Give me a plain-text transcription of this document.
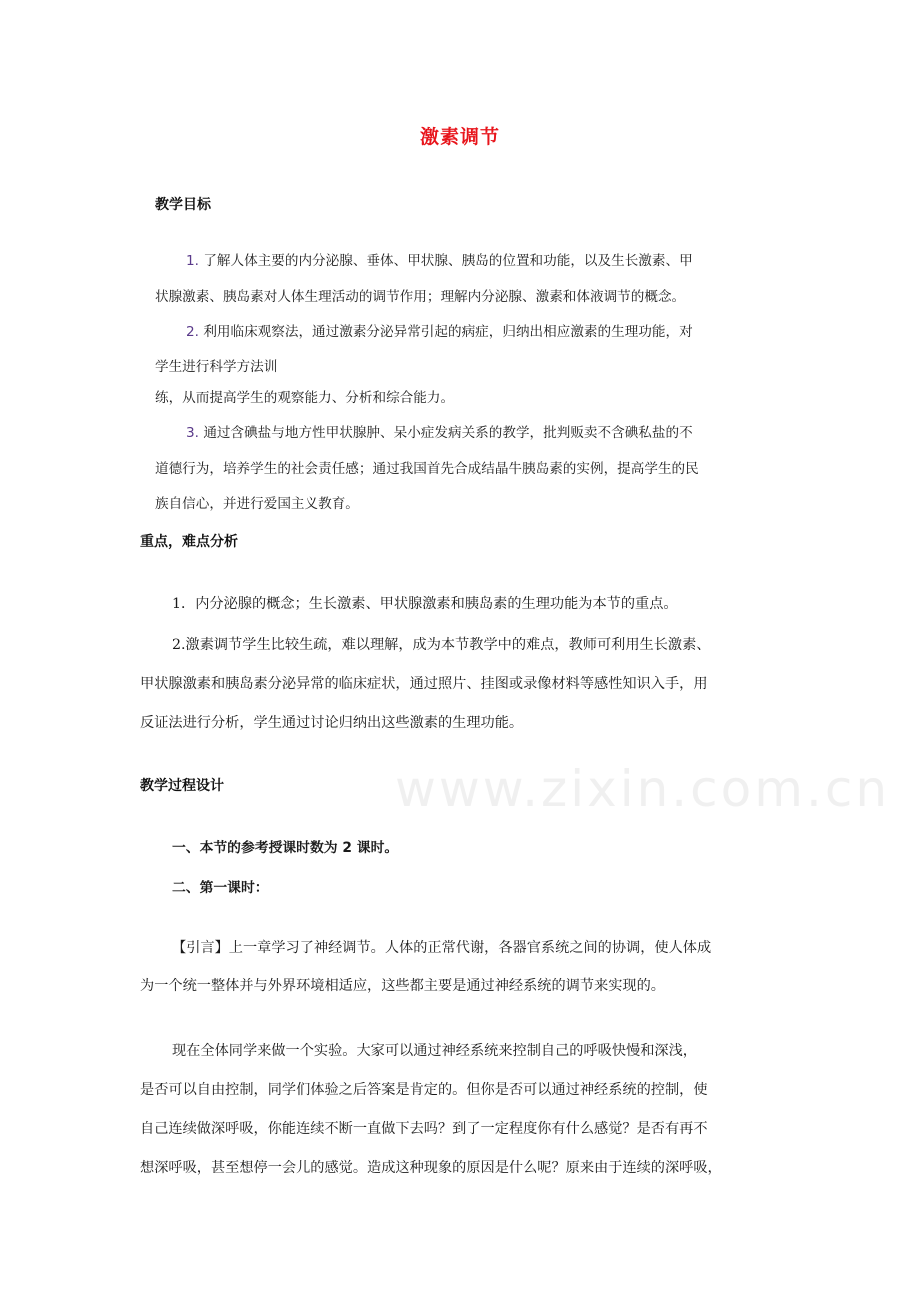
www.zixin.com.cn
激素调节
教学目标
1. 了解人体主要的内分泌腺、垂体、甲状腺、胰岛的位置和功能，以及生长激素、甲
状腺激素、胰岛素对人体生理活动的调节作用；理解内分泌腺、激素和体液调节的概念。
2. 利用临床观察法，通过激素分泌异常引起的病症，归纳出相应激素的生理功能，对
学生进行科学方法训
练，从而提高学生的观察能力、分析和综合能力。
3. 通过含碘盐与地方性甲状腺肿、呆小症发病关系的教学，批判贩卖不含碘私盐的不
道德行为，培养学生的社会责任感；通过我国首先合成结晶牛胰岛素的实例，提高学生的民
族自信心，并进行爱国主义教育。
重点，难点分析
1．内分泌腺的概念；生长激素、甲状腺激素和胰岛素的生理功能为本节的重点。
2.激素调节学生比较生疏，难以理解，成为本节教学中的难点，教师可利用生长激素、
甲状腺激素和胰岛素分泌异常的临床症状，通过照片、挂图或录像材料等感性知识入手，用
反证法进行分析，学生通过讨论归纳出这些激素的生理功能。
教学过程设计
一、本节的参考授课时数为 2 课时。
二、第一课时：
【引言】上一章学习了神经调节。人体的正常代谢，各器官系统之间的协调，使人体成
为一个统一整体并与外界环境相适应，这些都主要是通过神经系统的调节来实现的。
现在全体同学来做一个实验。大家可以通过神经系统来控制自己的呼吸快慢和深浅，
是否可以自由控制，同学们体验之后答案是肯定的。但你是否可以通过神经系统的控制，使
自己连续做深呼吸，你能连续不断一直做下去吗？到了一定程度你有什么感觉？是否有再不
想深呼吸，甚至想停一会儿的感觉。造成这种现象的原因是什么呢？原来由于连续的深呼吸，
